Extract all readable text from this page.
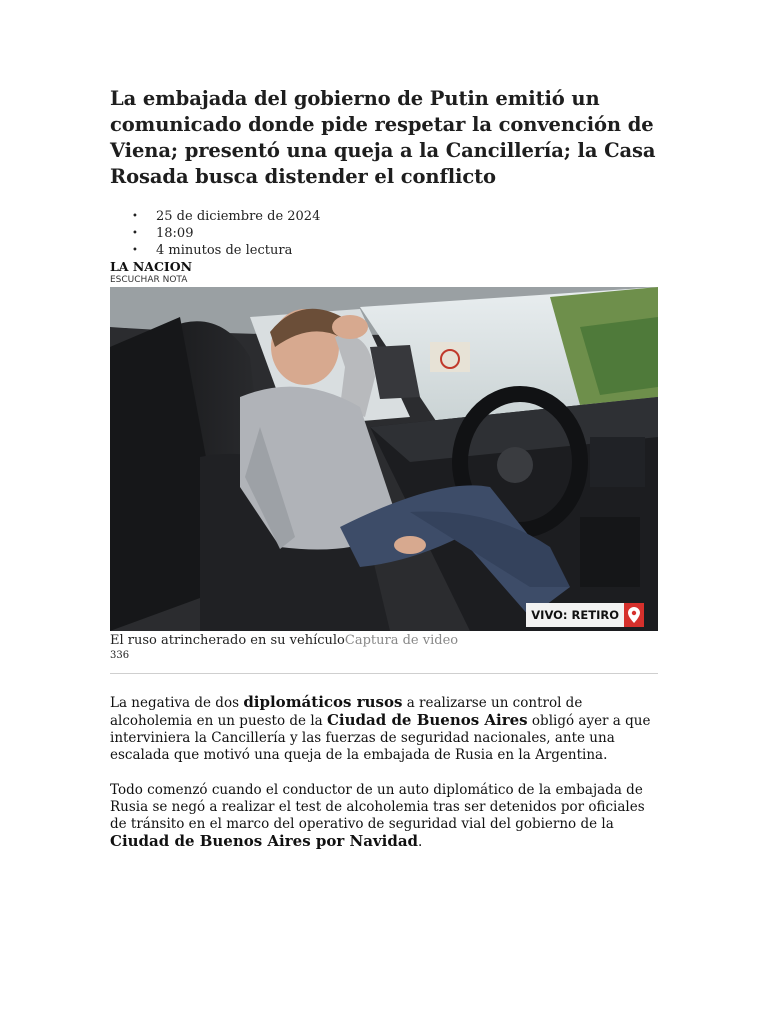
La embajada del gobierno de Putin emitió un comunicado donde pide respetar la convención de Viena; presentó una queja a la Cancillería; la Casa Rosada busca distender el conflicto
• 25 de diciembre de 2024
• 18:09
• 4 minutos de lectura
LA NACION
ESCUCHAR NOTA
VIVO: RETIRO
El ruso atrincherado en su vehículoCaptura de video
336

La negativa de dos diplomáticos rusos a realizarse un control de alcoholemia en un puesto de la Ciudad de Buenos Aires obligó ayer a que interviniera la Cancillería y las fuerzas de seguridad nacionales, ante una escalada que motivó una queja de la embajada de Rusia en la Argentina.

Todo comenzó cuando el conductor de un auto diplomático de la embajada de Rusia se negó a realizar el test de alcoholemia tras ser detenidos por oficiales de tránsito en el marco del operativo de seguridad vial del gobierno de la Ciudad de Buenos Aires por Navidad.
